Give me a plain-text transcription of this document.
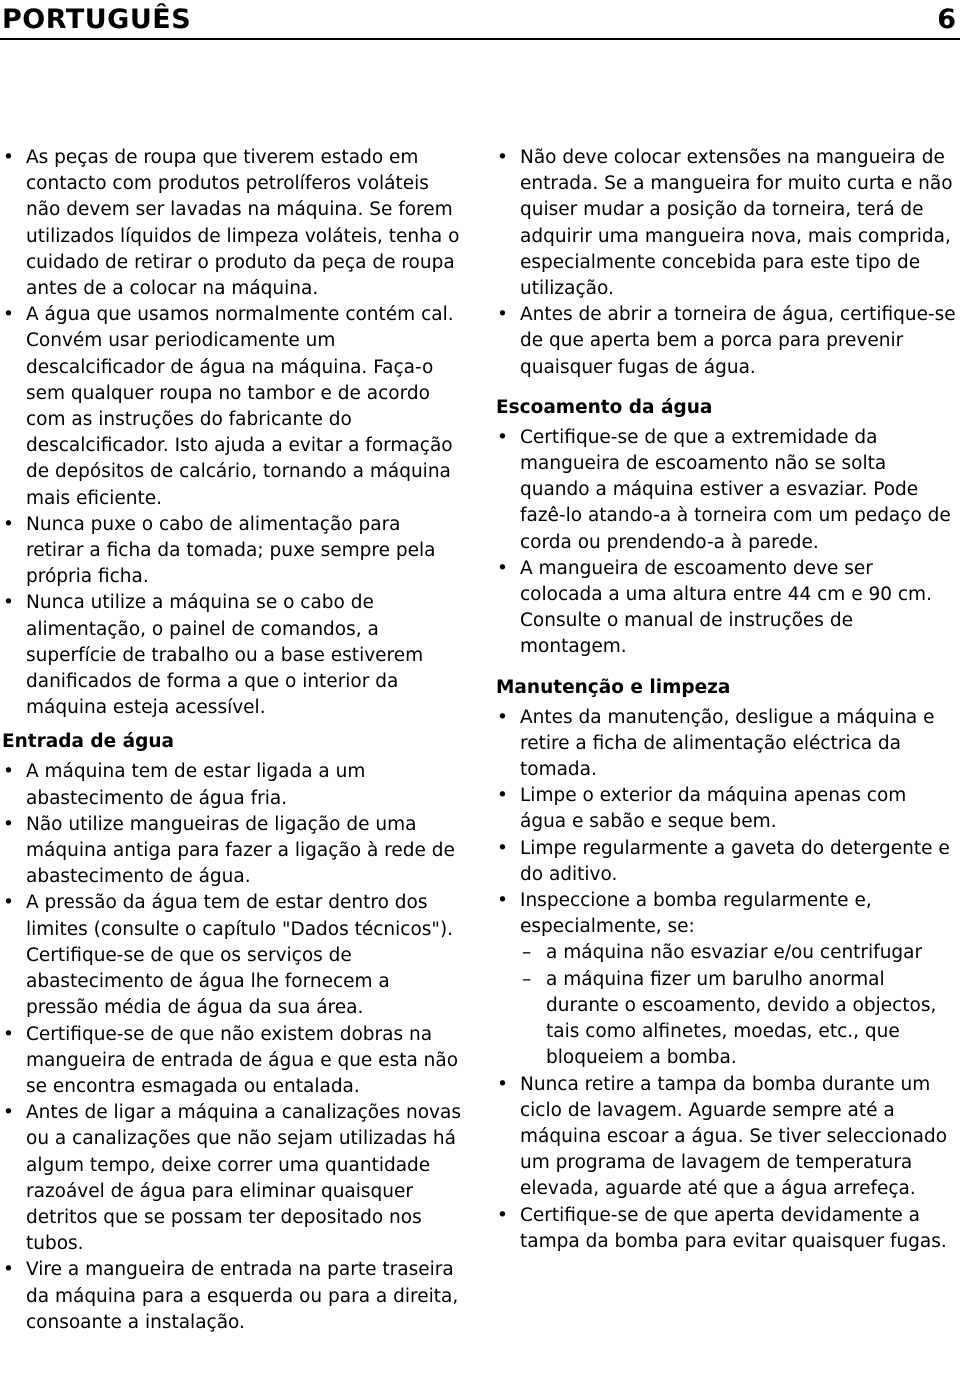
PORTUGUÊS	6
• As peças de roupa que tiverem estado em contacto com produtos petrolíferos voláteis não devem ser lavadas na máquina. Se forem utilizados líquidos de limpeza voláteis, tenha o cuidado de retirar o produto da peça de roupa antes de a colocar na máquina.
• A água que usamos normalmente contém cal. Convém usar periodicamente um descalcificador de água na máquina. Faça-o sem qualquer roupa no tambor e de acordo com as instruções do fabricante do descalcificador. Isto ajuda a evitar a formação de depósitos de calcário, tornando a máquina mais eficiente.
• Nunca puxe o cabo de alimentação para retirar a ficha da tomada; puxe sempre pela própria ficha.
• Nunca utilize a máquina se o cabo de alimentação, o painel de comandos, a superfície de trabalho ou a base estiverem danificados de forma a que o interior da máquina esteja acessível.
Entrada de água
• A máquina tem de estar ligada a um abastecimento de água fria.
• Não utilize mangueiras de ligação de uma máquina antiga para fazer a ligação à rede de abastecimento de água.
• A pressão da água tem de estar dentro dos limites (consulte o capítulo "Dados técnicos"). Certifique-se de que os serviços de abastecimento de água lhe fornecem a pressão média de água da sua área.
• Certifique-se de que não existem dobras na mangueira de entrada de água e que esta não se encontra esmagada ou entalada.
• Antes de ligar a máquina a canalizações novas ou a canalizações que não sejam utilizadas há algum tempo, deixe correr uma quantidade razoável de água para eliminar quaisquer detritos que se possam ter depositado nos tubos.
• Vire a mangueira de entrada na parte traseira da máquina para a esquerda ou para a direita, consoante a instalação.
• Não deve colocar extensões na mangueira de entrada. Se a mangueira for muito curta e não quiser mudar a posição da torneira, terá de adquirir uma mangueira nova, mais comprida, especialmente concebida para este tipo de utilização.
• Antes de abrir a torneira de água, certifique-se de que aperta bem a porca para prevenir quaisquer fugas de água.
Escoamento da água
• Certifique-se de que a extremidade da mangueira de escoamento não se solta quando a máquina estiver a esvaziar. Pode fazê-lo atando-a à torneira com um pedaço de corda ou prendendo-a à parede.
• A mangueira de escoamento deve ser colocada a uma altura entre 44 cm e 90 cm. Consulte o manual de instruções de montagem.
Manutenção e limpeza
• Antes da manutenção, desligue a máquina e retire a ficha de alimentação eléctrica da tomada.
• Limpe o exterior da máquina apenas com água e sabão e seque bem.
• Limpe regularmente a gaveta do detergente e do aditivo.
• Inspeccione a bomba regularmente e, especialmente, se:
– a máquina não esvaziar e/ou centrifugar
– a máquina fizer um barulho anormal durante o escoamento, devido a objectos, tais como alfinetes, moedas, etc., que bloqueiem a bomba.
• Nunca retire a tampa da bomba durante um ciclo de lavagem. Aguarde sempre até a máquina escoar a água. Se tiver seleccionado um programa de lavagem de temperatura elevada, aguarde até que a água arrefeça.
• Certifique-se de que aperta devidamente a tampa da bomba para evitar quaisquer fugas.
